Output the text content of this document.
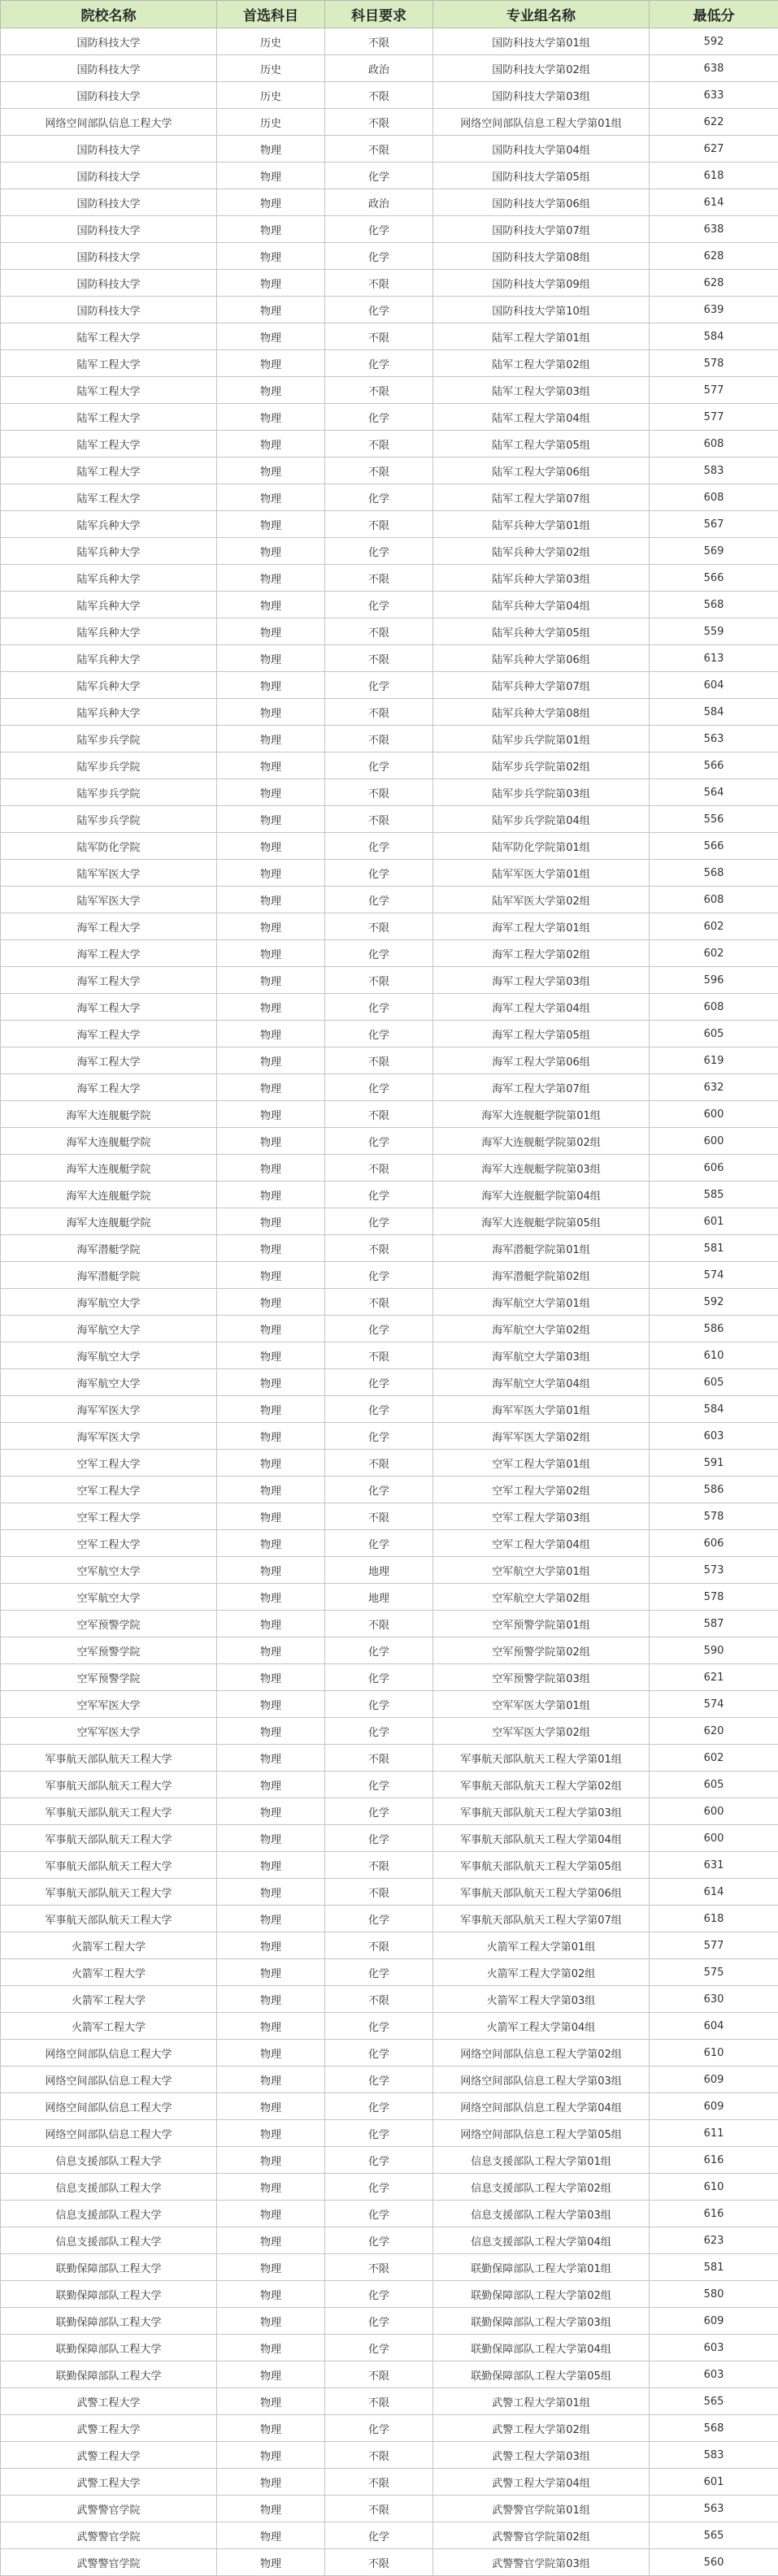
院校名称	首选科目	科目要求	专业组名称	最低分
国防科技大学	历史	不限	国防科技大学第01组	592
国防科技大学	历史	政治	国防科技大学第02组	638
国防科技大学	历史	不限	国防科技大学第03组	633
网络空间部队信息工程大学	历史	不限	网络空间部队信息工程大学第01组	622
国防科技大学	物理	不限	国防科技大学第04组	627
国防科技大学	物理	化学	国防科技大学第05组	618
国防科技大学	物理	政治	国防科技大学第06组	614
国防科技大学	物理	化学	国防科技大学第07组	638
国防科技大学	物理	化学	国防科技大学第08组	628
国防科技大学	物理	不限	国防科技大学第09组	628
国防科技大学	物理	化学	国防科技大学第10组	639
陆军工程大学	物理	不限	陆军工程大学第01组	584
陆军工程大学	物理	化学	陆军工程大学第02组	578
陆军工程大学	物理	不限	陆军工程大学第03组	577
陆军工程大学	物理	化学	陆军工程大学第04组	577
陆军工程大学	物理	不限	陆军工程大学第05组	608
陆军工程大学	物理	不限	陆军工程大学第06组	583
陆军工程大学	物理	化学	陆军工程大学第07组	608
陆军兵种大学	物理	不限	陆军兵种大学第01组	567
陆军兵种大学	物理	化学	陆军兵种大学第02组	569
陆军兵种大学	物理	不限	陆军兵种大学第03组	566
陆军兵种大学	物理	化学	陆军兵种大学第04组	568
陆军兵种大学	物理	不限	陆军兵种大学第05组	559
陆军兵种大学	物理	不限	陆军兵种大学第06组	613
陆军兵种大学	物理	化学	陆军兵种大学第07组	604
陆军兵种大学	物理	不限	陆军兵种大学第08组	584
陆军步兵学院	物理	不限	陆军步兵学院第01组	563
陆军步兵学院	物理	化学	陆军步兵学院第02组	566
陆军步兵学院	物理	不限	陆军步兵学院第03组	564
陆军步兵学院	物理	不限	陆军步兵学院第04组	556
陆军防化学院	物理	化学	陆军防化学院第01组	566
陆军军医大学	物理	化学	陆军军医大学第01组	568
陆军军医大学	物理	化学	陆军军医大学第02组	608
海军工程大学	物理	不限	海军工程大学第01组	602
海军工程大学	物理	化学	海军工程大学第02组	602
海军工程大学	物理	不限	海军工程大学第03组	596
海军工程大学	物理	化学	海军工程大学第04组	608
海军工程大学	物理	化学	海军工程大学第05组	605
海军工程大学	物理	不限	海军工程大学第06组	619
海军工程大学	物理	化学	海军工程大学第07组	632
海军大连舰艇学院	物理	不限	海军大连舰艇学院第01组	600
海军大连舰艇学院	物理	化学	海军大连舰艇学院第02组	600
海军大连舰艇学院	物理	不限	海军大连舰艇学院第03组	606
海军大连舰艇学院	物理	化学	海军大连舰艇学院第04组	585
海军大连舰艇学院	物理	化学	海军大连舰艇学院第05组	601
海军潜艇学院	物理	不限	海军潜艇学院第01组	581
海军潜艇学院	物理	化学	海军潜艇学院第02组	574
海军航空大学	物理	不限	海军航空大学第01组	592
海军航空大学	物理	化学	海军航空大学第02组	586
海军航空大学	物理	不限	海军航空大学第03组	610
海军航空大学	物理	化学	海军航空大学第04组	605
海军军医大学	物理	化学	海军军医大学第01组	584
海军军医大学	物理	化学	海军军医大学第02组	603
空军工程大学	物理	不限	空军工程大学第01组	591
空军工程大学	物理	化学	空军工程大学第02组	586
空军工程大学	物理	不限	空军工程大学第03组	578
空军工程大学	物理	化学	空军工程大学第04组	606
空军航空大学	物理	地理	空军航空大学第01组	573
空军航空大学	物理	地理	空军航空大学第02组	578
空军预警学院	物理	不限	空军预警学院第01组	587
空军预警学院	物理	化学	空军预警学院第02组	590
空军预警学院	物理	化学	空军预警学院第03组	621
空军军医大学	物理	化学	空军军医大学第01组	574
空军军医大学	物理	化学	空军军医大学第02组	620
军事航天部队航天工程大学	物理	不限	军事航天部队航天工程大学第01组	602
军事航天部队航天工程大学	物理	化学	军事航天部队航天工程大学第02组	605
军事航天部队航天工程大学	物理	化学	军事航天部队航天工程大学第03组	600
军事航天部队航天工程大学	物理	化学	军事航天部队航天工程大学第04组	600
军事航天部队航天工程大学	物理	不限	军事航天部队航天工程大学第05组	631
军事航天部队航天工程大学	物理	不限	军事航天部队航天工程大学第06组	614
军事航天部队航天工程大学	物理	化学	军事航天部队航天工程大学第07组	618
火箭军工程大学	物理	不限	火箭军工程大学第01组	577
火箭军工程大学	物理	化学	火箭军工程大学第02组	575
火箭军工程大学	物理	不限	火箭军工程大学第03组	630
火箭军工程大学	物理	化学	火箭军工程大学第04组	604
网络空间部队信息工程大学	物理	化学	网络空间部队信息工程大学第02组	610
网络空间部队信息工程大学	物理	化学	网络空间部队信息工程大学第03组	609
网络空间部队信息工程大学	物理	化学	网络空间部队信息工程大学第04组	609
网络空间部队信息工程大学	物理	化学	网络空间部队信息工程大学第05组	611
信息支援部队工程大学	物理	化学	信息支援部队工程大学第01组	616
信息支援部队工程大学	物理	化学	信息支援部队工程大学第02组	610
信息支援部队工程大学	物理	化学	信息支援部队工程大学第03组	616
信息支援部队工程大学	物理	化学	信息支援部队工程大学第04组	623
联勤保障部队工程大学	物理	不限	联勤保障部队工程大学第01组	581
联勤保障部队工程大学	物理	化学	联勤保障部队工程大学第02组	580
联勤保障部队工程大学	物理	化学	联勤保障部队工程大学第03组	609
联勤保障部队工程大学	物理	化学	联勤保障部队工程大学第04组	603
联勤保障部队工程大学	物理	不限	联勤保障部队工程大学第05组	603
武警工程大学	物理	不限	武警工程大学第01组	565
武警工程大学	物理	化学	武警工程大学第02组	568
武警工程大学	物理	不限	武警工程大学第03组	583
武警工程大学	物理	不限	武警工程大学第04组	601
武警警官学院	物理	不限	武警警官学院第01组	563
武警警官学院	物理	化学	武警警官学院第02组	565
武警警官学院	物理	不限	武警警官学院第03组	560
